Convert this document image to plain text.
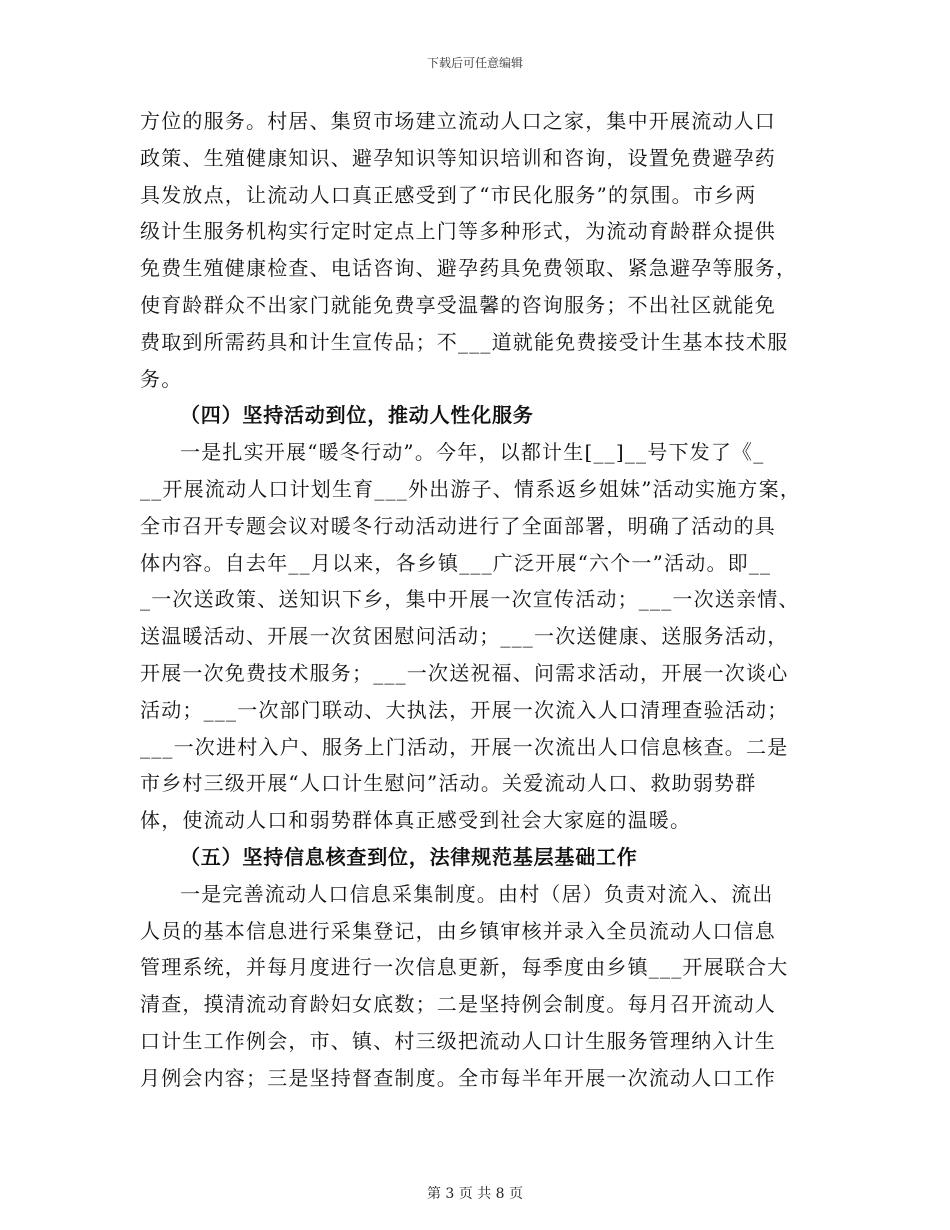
下载后可任意编辑
方位的服务。村居、集贸市场建立流动人口之家，集中开展流动人口
政策、生殖健康知识、避孕知识等知识培训和咨询，设置免费避孕药
具发放点，让流动人口真正感受到了“市民化服务”的氛围。市乡两
级计生服务机构实行定时定点上门等多种形式，为流动育龄群众提供
免费生殖健康检查、电话咨询、避孕药具免费领取、紧急避孕等服务，
使育龄群众不出家门就能免费享受温馨的咨询服务；不出社区就能免
费取到所需药具和计生宣传品；不___道就能免费接受计生基本技术服
务。
（四）坚持活动到位，推动人性化服务
一是扎实开展“暖冬行动”。今年，以都计生[__]__号下发了《_
__开展流动人口计划生育___外出游子、情系返乡姐妹”活动实施方案，
全市召开专题会议对暖冬行动活动进行了全面部署，明确了活动的具
体内容。自去年__月以来，各乡镇___广泛开展“六个一”活动。即__
_一次送政策、送知识下乡，集中开展一次宣传活动；___一次送亲情、
送温暖活动、开展一次贫困慰问活动；___一次送健康、送服务活动，
开展一次免费技术服务；___一次送祝福、问需求活动，开展一次谈心
活动；___一次部门联动、大执法，开展一次流入人口清理查验活动；
___一次进村入户、服务上门活动，开展一次流出人口信息核查。二是
市乡村三级开展“人口计生慰问”活动。关爱流动人口、救助弱势群
体，使流动人口和弱势群体真正感受到社会大家庭的温暖。
（五）坚持信息核查到位，法律规范基层基础工作
一是完善流动人口信息采集制度。由村（居）负责对流入、流出
人员的基本信息进行采集登记，由乡镇审核并录入全员流动人口信息
管理系统，并每月度进行一次信息更新，每季度由乡镇___开展联合大
清查，摸清流动育龄妇女底数；二是坚持例会制度。每月召开流动人
口计生工作例会，市、镇、村三级把流动人口计生服务管理纳入计生
月例会内容；三是坚持督查制度。全市每半年开展一次流动人口工作
第 3 页 共 8 页
